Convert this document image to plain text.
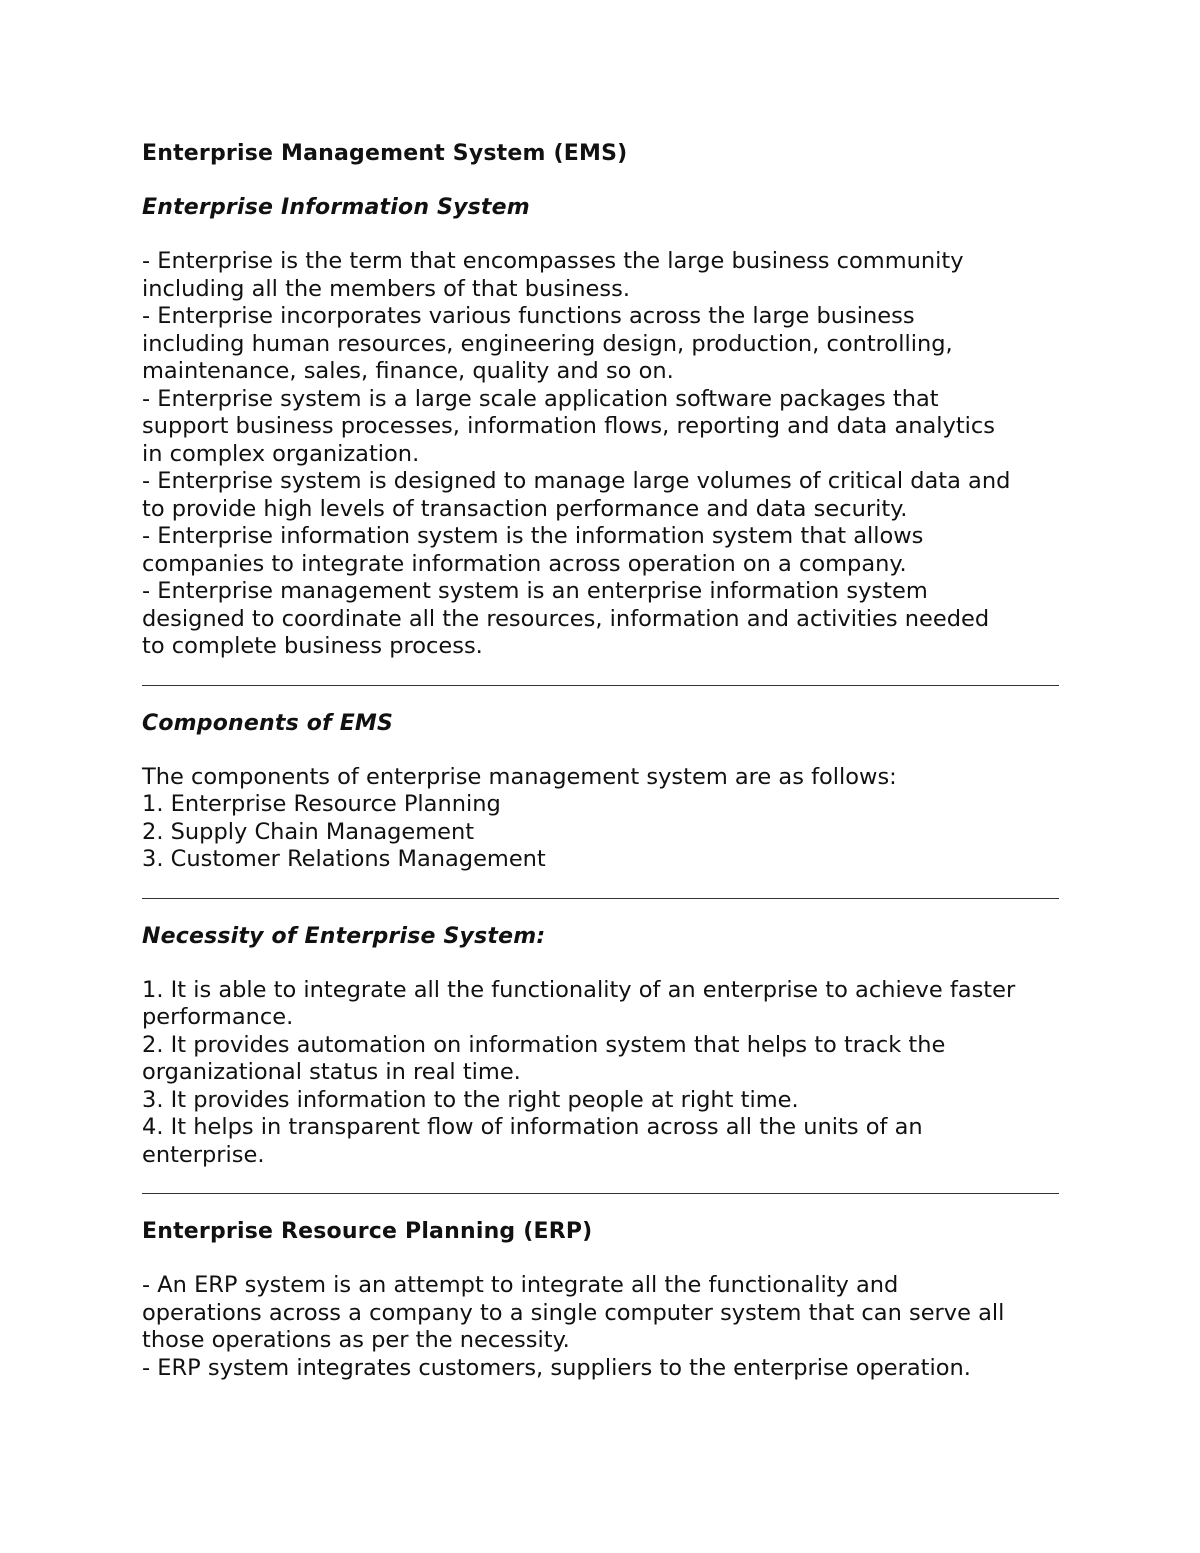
Enterprise Management System (EMS)
Enterprise Information System

- Enterprise is the term that encompasses the large business community
including all the members of that business.
- Enterprise incorporates various functions across the large business
including human resources, engineering design, production, controlling,
maintenance, sales, finance, quality and so on.
- Enterprise system is a large scale application software packages that
support business processes, information flows, reporting and data analytics
in complex organization.
- Enterprise system is designed to manage large volumes of critical data and
to provide high levels of transaction performance and data security.
- Enterprise information system is the information system that allows
companies to integrate information across operation on a company.
- Enterprise management system is an enterprise information system
designed to coordinate all the resources, information and activities needed
to complete business process.

Components of EMS

The components of enterprise management system are as follows:
1. Enterprise Resource Planning
2. Supply Chain Management
3. Customer Relations Management

Necessity of Enterprise System:

1. It is able to integrate all the functionality of an enterprise to achieve faster
performance.
2. It provides automation on information system that helps to track the
organizational status in real time.
3. It provides information to the right people at right time.
4. It helps in transparent flow of information across all the units of an
enterprise.

Enterprise Resource Planning (ERP)

- An ERP system is an attempt to integrate all the functionality and
operations across a company to a single computer system that can serve all
those operations as per the necessity.
- ERP system integrates customers, suppliers to the enterprise operation.
